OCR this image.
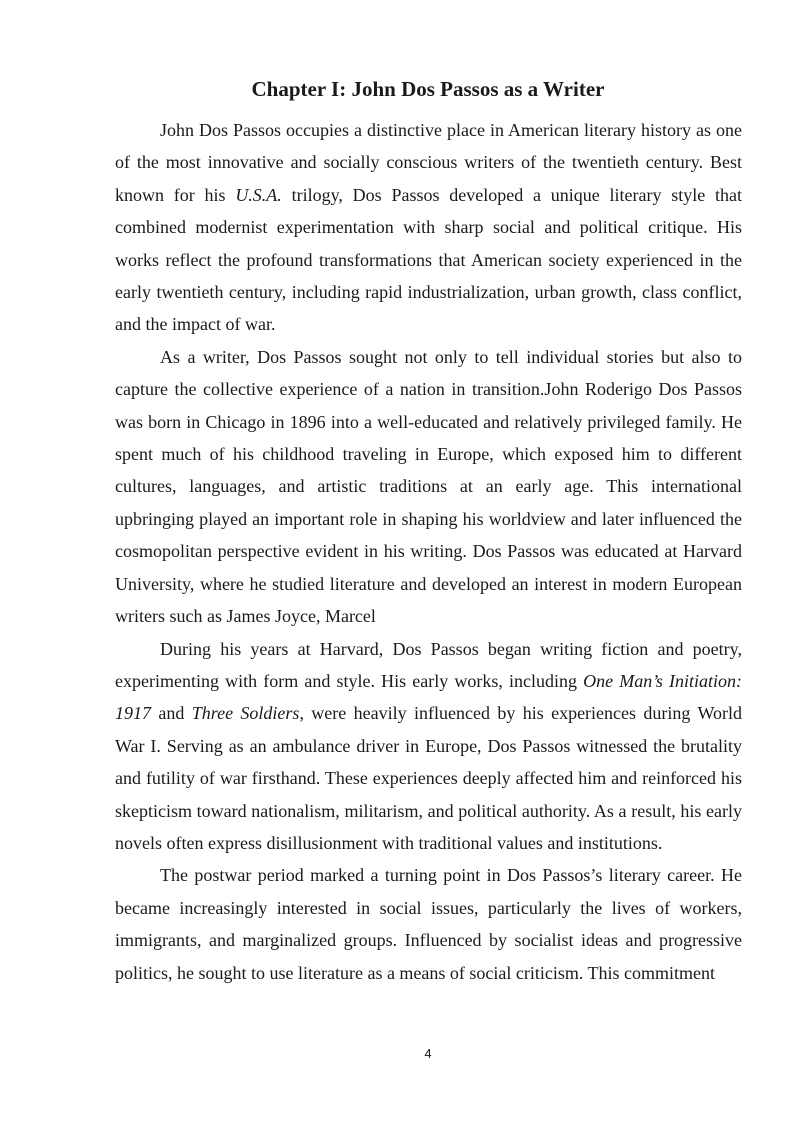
Chapter I: John Dos Passos as a Writer

John Dos Passos occupies a distinctive place in American literary history as one of the most innovative and socially conscious writers of the twentieth century. Best known for his U.S.A. trilogy, Dos Passos developed a unique literary style that combined modernist experimentation with sharp social and political critique. His works reflect the profound transformations that American society experienced in the early twentieth century, including rapid industrialization, urban growth, class conflict, and the impact of war.

As a writer, Dos Passos sought not only to tell individual stories but also to capture the collective experience of a nation in transition.John Roderigo Dos Passos was born in Chicago in 1896 into a well-educated and relatively privileged family. He spent much of his childhood traveling in Europe, which exposed him to different cultures, languages, and artistic traditions at an early age. This international upbringing played an important role in shaping his worldview and later influenced the cosmopolitan perspective evident in his writing. Dos Passos was educated at Harvard University, where he studied literature and developed an interest in modern European writers such as James Joyce, Marcel

During his years at Harvard, Dos Passos began writing fiction and poetry, experimenting with form and style. His early works, including One Man’s Initiation: 1917 and Three Soldiers, were heavily influenced by his experiences during World War I. Serving as an ambulance driver in Europe, Dos Passos witnessed the brutality and futility of war firsthand. These experiences deeply affected him and reinforced his skepticism toward nationalism, militarism, and political authority. As a result, his early novels often express disillusionment with traditional values and institutions.

The postwar period marked a turning point in Dos Passos’s literary career. He became increasingly interested in social issues, particularly the lives of workers, immigrants, and marginalized groups. Influenced by socialist ideas and progressive politics, he sought to use literature as a means of social criticism. This commitment

4
